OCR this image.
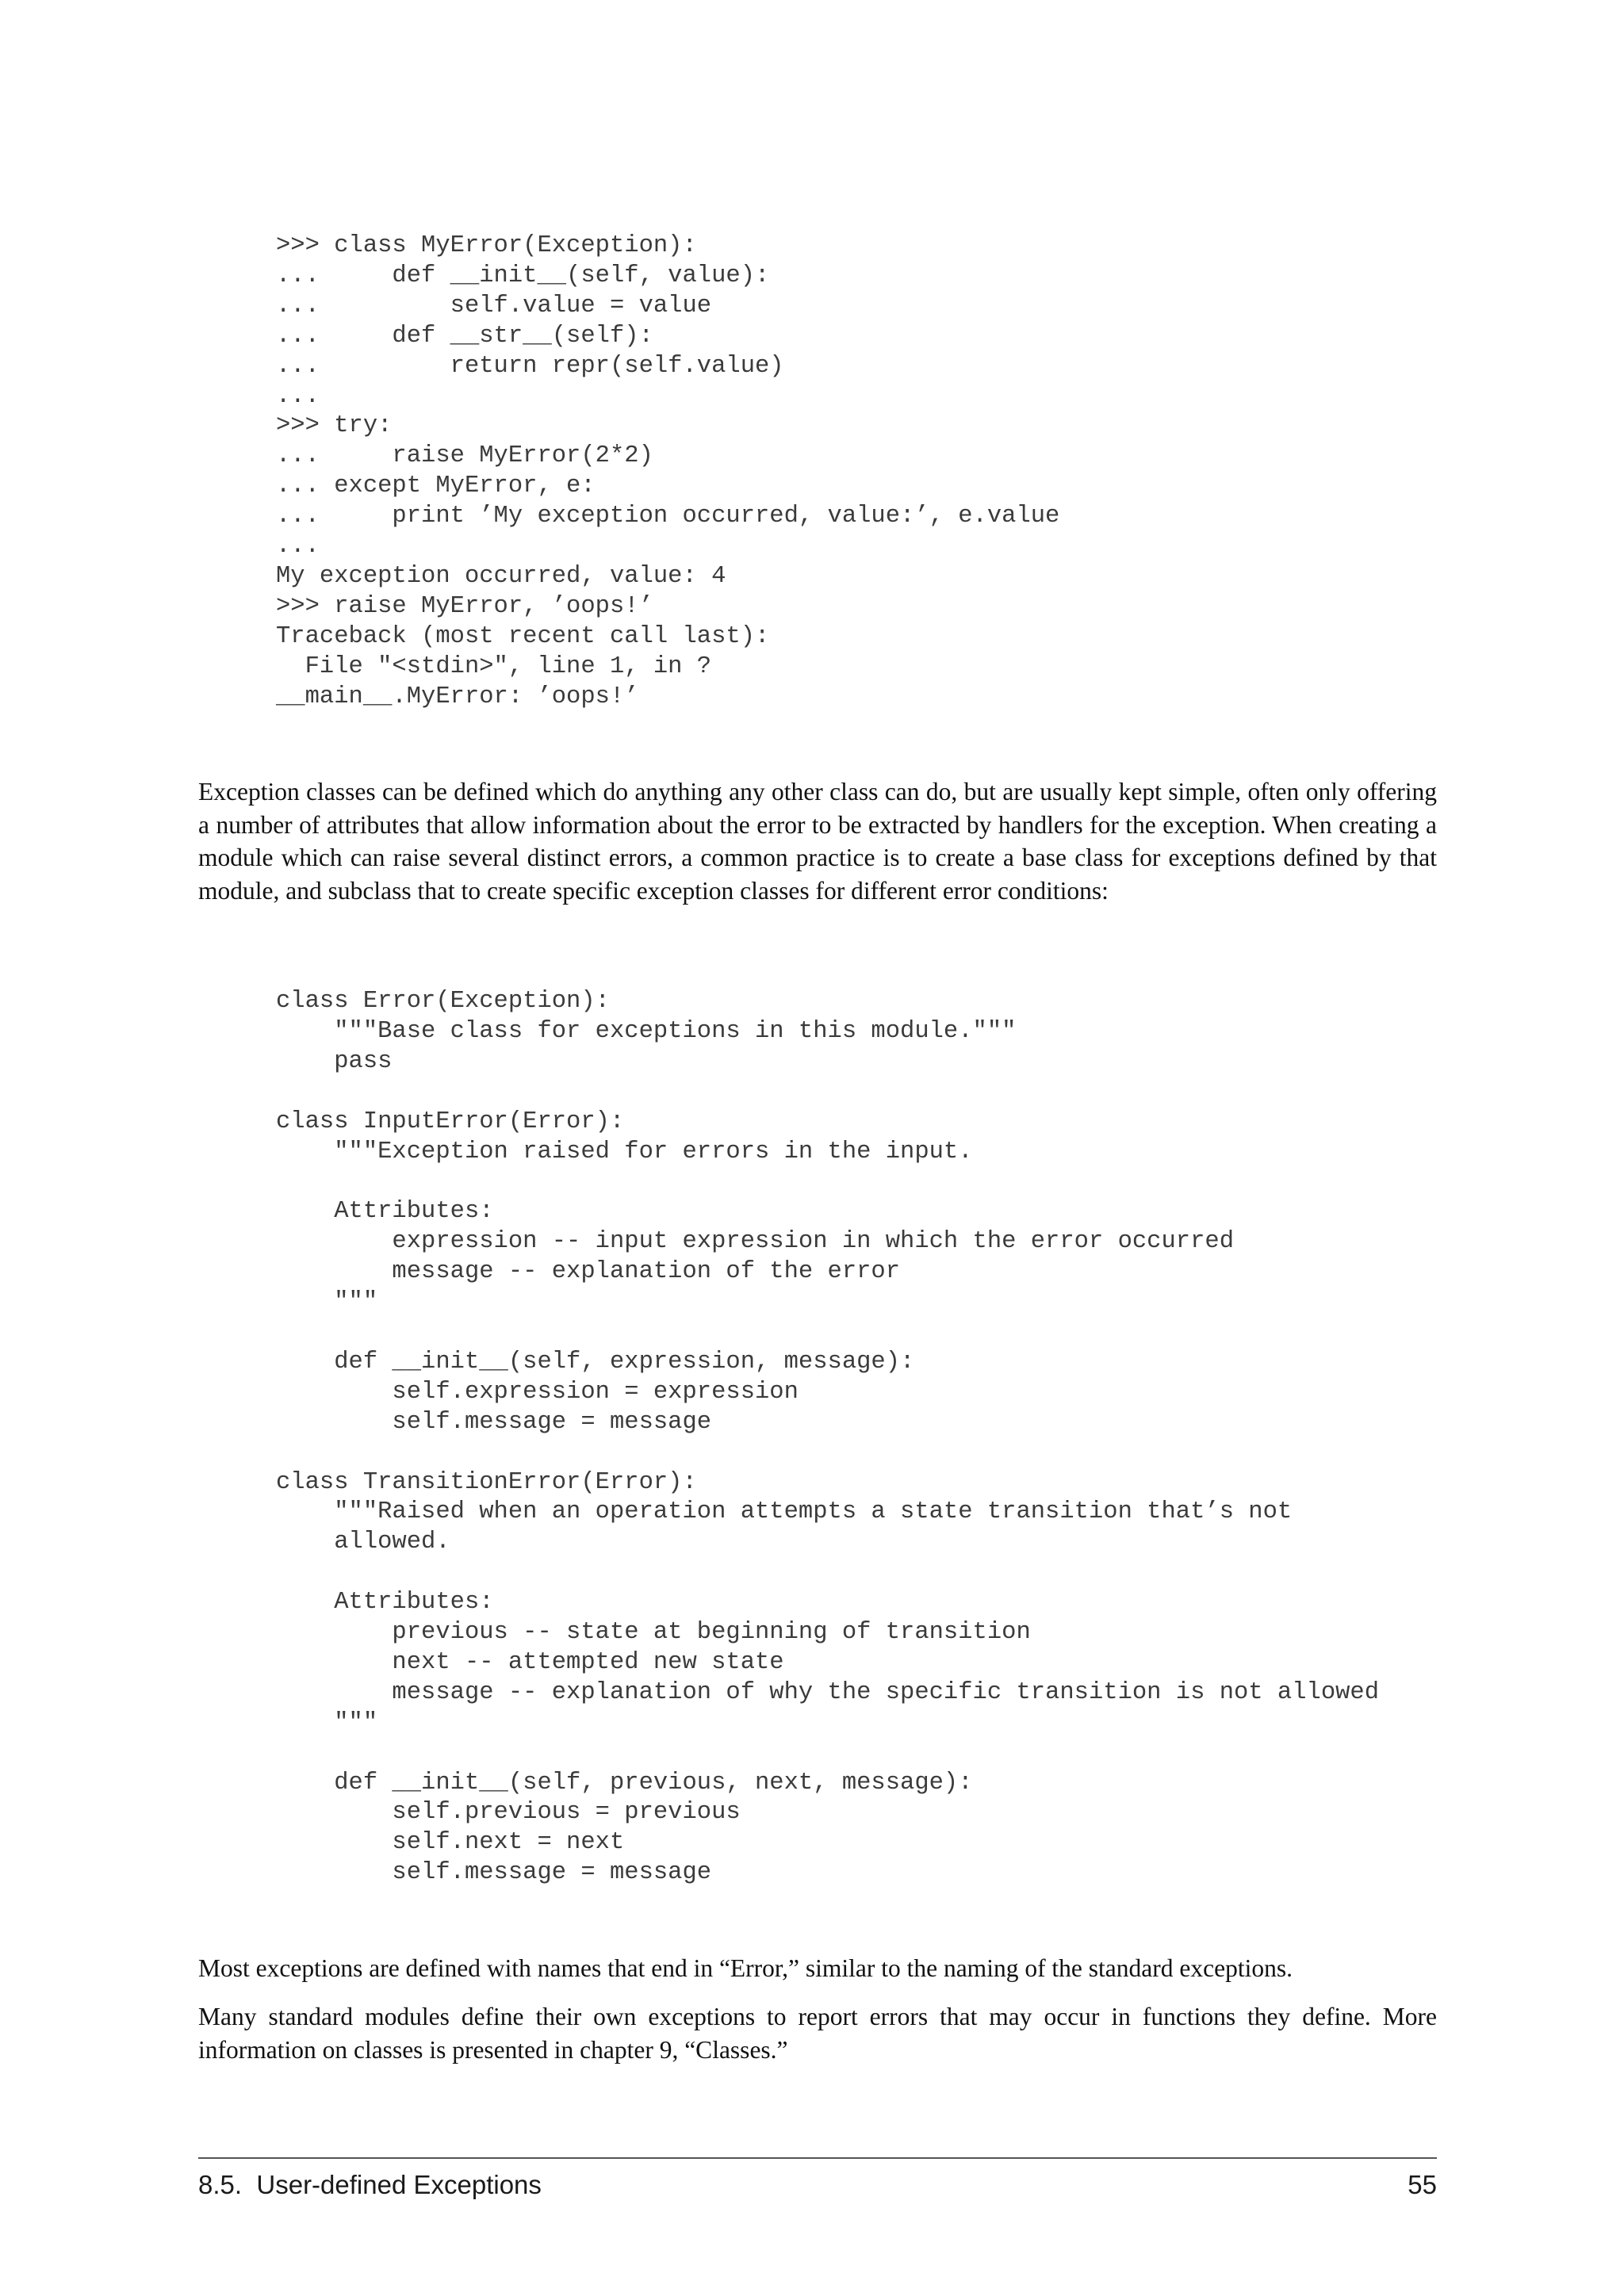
>>> class MyError(Exception):
...     def __init__(self, value):
...         self.value = value
...     def __str__(self):
...         return repr(self.value)
...
>>> try:
...     raise MyError(2*2)
... except MyError, e:
...     print ’My exception occurred, value:’, e.value
...
My exception occurred, value: 4
>>> raise MyError, ’oops!’
Traceback (most recent call last):
File "<stdin>", line 1, in ?
__main__.MyError: ’oops!’

Exception classes can be defined which do anything any other class can do, but are usually kept simple, often only offering a number of attributes that allow information about the error to be extracted by handlers for the exception. When creating a module which can raise several distinct errors, a common practice is to create a base class for exceptions defined by that module, and subclass that to create specific exception classes for different error conditions:

class Error(Exception):
"""Base class for exceptions in this module."""
pass

class InputError(Error):
"""Exception raised for errors in the input.

Attributes:
expression -- input expression in which the error occurred
message -- explanation of the error
"""

def __init__(self, expression, message):
self.expression = expression
self.message = message

class TransitionError(Error):
"""Raised when an operation attempts a state transition that’s not
allowed.

Attributes:
previous -- state at beginning of transition
next -- attempted new state
message -- explanation of why the specific transition is not allowed
"""

def __init__(self, previous, next, message):
self.previous = previous
self.next = next
self.message = message

Most exceptions are defined with names that end in “Error,” similar to the naming of the standard exceptions.

Many standard modules define their own exceptions to report errors that may occur in functions they define. More information on classes is presented in chapter 9, “Classes.”

8.5.  User-defined Exceptions	55
